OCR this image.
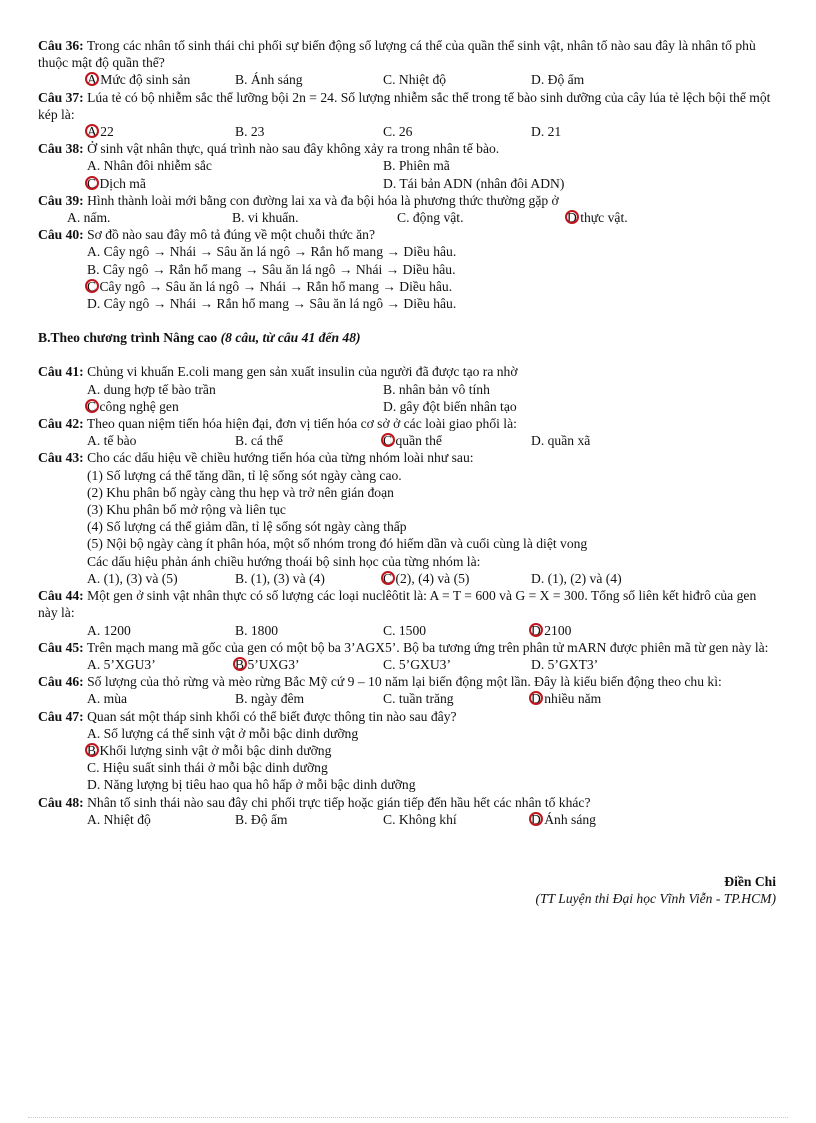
Câu 36: Trong các nhân tố sinh thái chi phối sự biến động số lượng cá thể của quần thể sinh vật, nhân tố nào sau đây là nhân tố phù thuộc mật độ quần thể?
A Mức độ sinh sản	B. Ánh sáng	C. Nhiệt độ	D. Độ ẩm
Câu 37: Lúa tẻ có bộ nhiễm sắc thể lưỡng bội 2n = 24. Số lượng nhiễm sắc thể trong tế bào sinh dưỡng của cây lúa tẻ lệch bội thể một kép là:
A 22	B. 23	C. 26	D. 21
Câu 38: Ở sinh vật nhân thực, quá trình nào sau đây không xảy ra trong nhân tế bào.
A. Nhân đôi nhiễm sắc	B. Phiên mã
C Dịch mã	D. Tái bản ADN (nhân đôi ADN)
Câu 39: Hình thành loài mới bằng con đường lai xa và đa bội hóa là phương thức thường gặp ở
A. nấm.	B. vi khuẩn.	C. động vật.	D thực vật.
Câu 40: Sơ đồ nào sau đây mô tả đúng về một chuỗi thức ăn?
A. Cây ngô → Nhái → Sâu ăn lá ngô → Rắn hổ mang → Diều hâu.
B. Cây ngô → Rắn hổ mang → Sâu ăn lá ngô → Nhái → Diều hâu.
C Cây ngô → Sâu ăn lá ngô → Nhái → Rắn hổ mang → Diều hâu.
D. Cây ngô → Nhái → Rắn hổ mang → Sâu ăn lá ngô → Diều hâu.
B.Theo chương trình Nâng cao (8 câu, từ câu 41 đến 48)
Câu 41: Chủng vi khuẩn E.coli mang gen sản xuất insulin của người đã được tạo ra nhờ
A. dung hợp tế bào trần	B. nhân bản vô tính
C công nghệ gen	D. gây đột biến nhân tạo
Câu 42: Theo quan niệm tiến hóa hiện đại, đơn vị tiến hóa cơ sở ở các loài giao phối là:
A. tế bào	B. cá thể	C quần thể	D. quần xã
Câu 43: Cho các dấu hiệu về chiều hướng tiến hóa của từng nhóm loài như sau:
(1) Số lượng cá thể tăng dần, tỉ lệ sống sót ngày càng cao.
(2) Khu phân bố ngày càng thu hẹp và trở nên gián đoạn
(3) Khu phân bố mở rộng và liên tục
(4) Số lượng cá thể giảm dần, tỉ lệ sống sót ngày càng thấp
(5) Nội bộ ngày càng ít phân hóa, một số nhóm trong đó hiếm dần và cuối cùng là diệt vong
Các dấu hiệu phản ánh chiều hướng thoái bộ sinh học của từng nhóm là:
A. (1), (3) và (5)	B. (1), (3) và (4)	C (2), (4) và (5)	D. (1), (2) và (4)
Câu 44: Một gen ở sinh vật nhân thực có số lượng các loại nuclêôtit là: A = T = 600 và G = X = 300. Tổng số liên kết hiđrô của gen này là:
A. 1200	B. 1800	C. 1500	D 2100
Câu 45: Trên mạch mang mã gốc của gen có một bộ ba 3’AGX5’. Bộ ba tương ứng trên phân tử mARN được phiên mã từ gen này là:
A. 5’XGU3’	B 5’UXG3’	C. 5’GXU3’	D. 5’GXT3’
Câu 46: Số lượng của thỏ rừng và mèo rừng Bắc Mỹ cứ 9 – 10 năm lại biến động một lần. Đây là kiểu biến động theo chu kì:
A. mùa	B. ngày đêm	C. tuần trăng	D nhiều năm
Câu 47: Quan sát một tháp sinh khối có thể biết được thông tin nào sau đây?
A. Số lượng cá thể sinh vật ở mỗi bậc dinh dưỡng
B Khối lượng sinh vật ở mỗi bậc dinh dưỡng
C. Hiệu suất sinh thái ở mỗi bậc dinh dưỡng
D. Năng lượng bị tiêu hao qua hô hấp ở mỗi bậc dinh dưỡng
Câu 48: Nhân tố sinh thái nào sau đây chi phối trực tiếp hoặc gián tiếp đến hầu hết các nhân tố khác?
A. Nhiệt độ	B. Độ ẩm	C. Không khí	D Ánh sáng
Điền Chi
(TT Luyện thi Đại học Vĩnh Viễn - TP.HCM)
